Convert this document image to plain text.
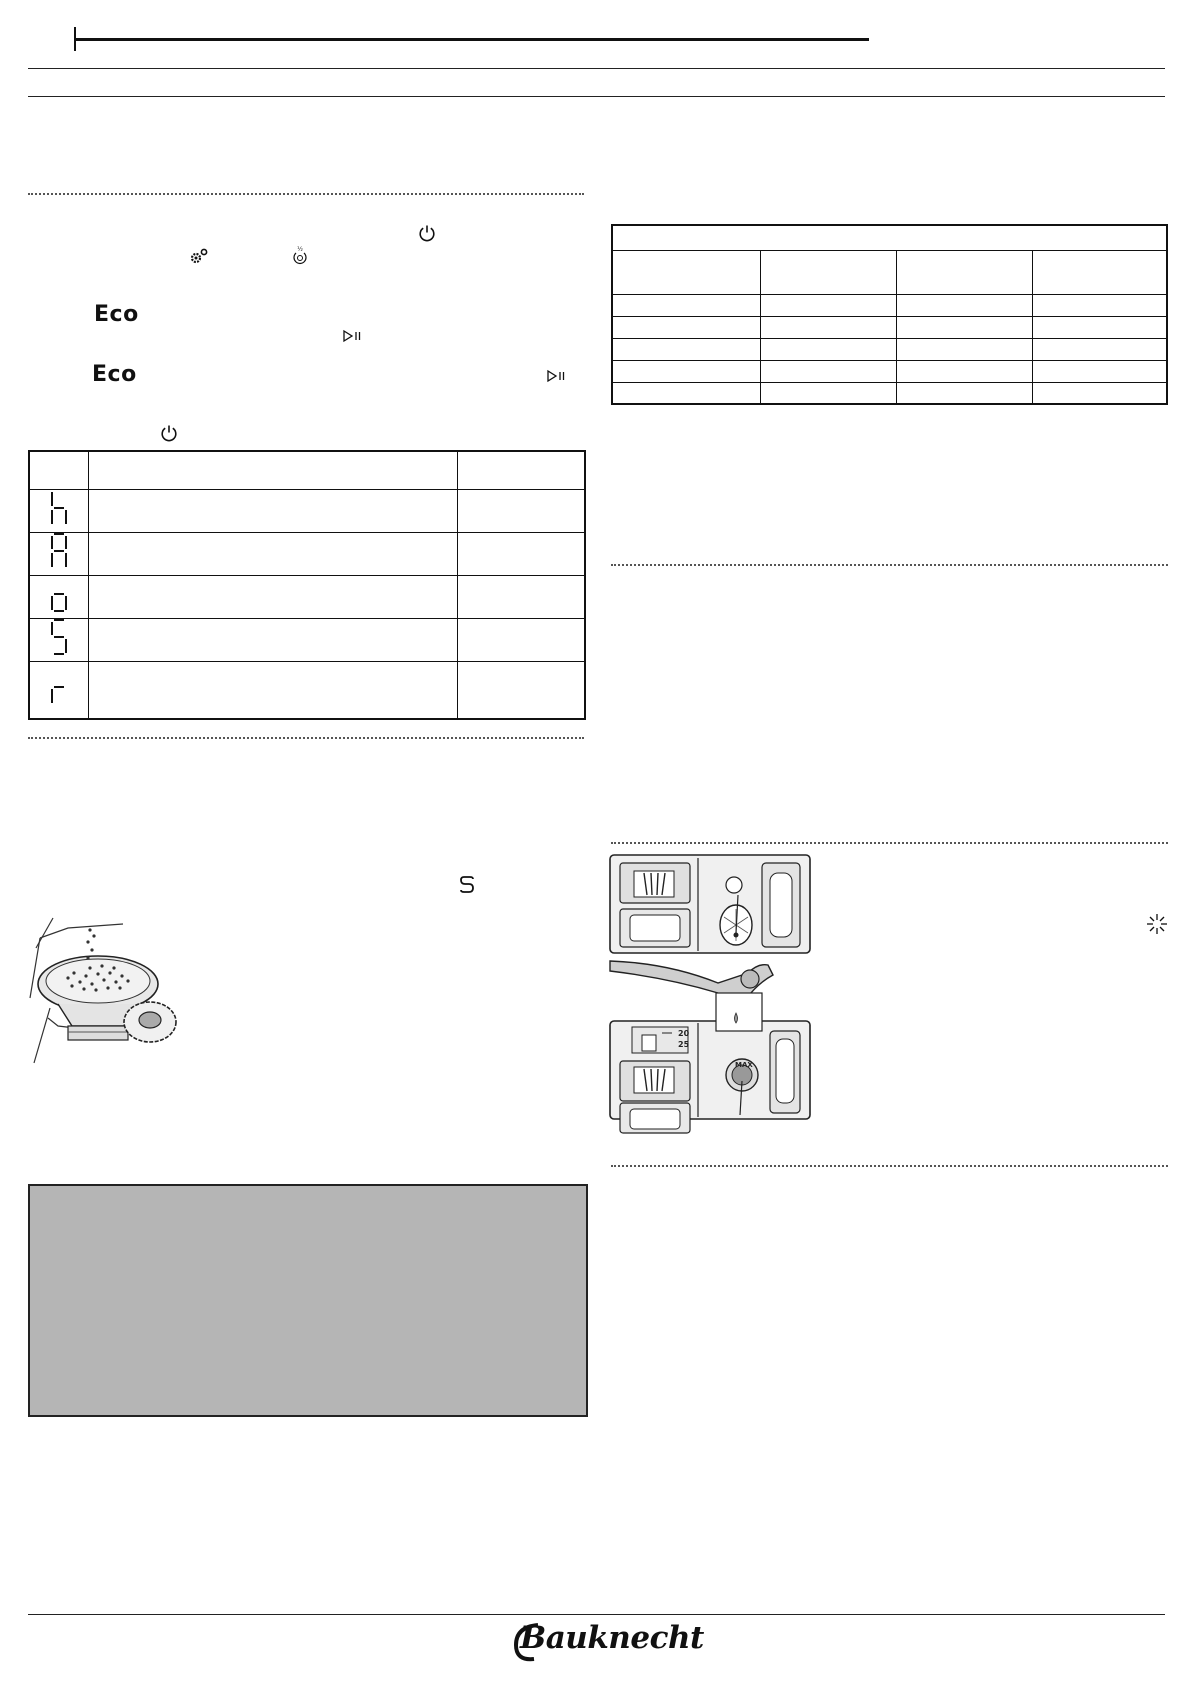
½
Eco
Eco

20
25
MAX
Bauknecht
